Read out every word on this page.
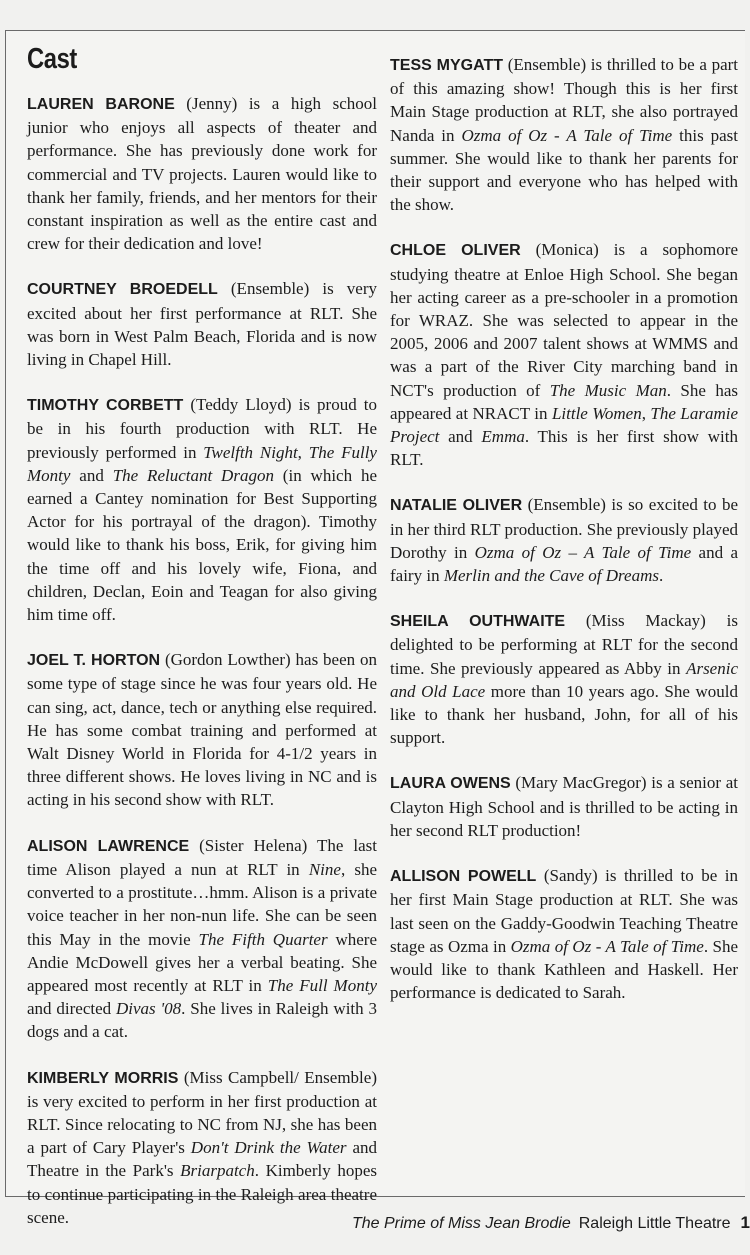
Cast

LAUREN BARONE (Jenny) is a high school junior who enjoys all aspects of theater and performance. She has previously done work for commercial and TV projects. Lauren would like to thank her family, friends, and her mentors for their constant inspiration as well as the entire cast and crew for their dedication and love!

COURTNEY BROEDELL (Ensemble) is very excited about her first performance at RLT. She was born in West Palm Beach, Florida and is now living in Chapel Hill.

TIMOTHY CORBETT (Teddy Lloyd) is proud to be in his fourth production with RLT. He previously performed in Twelfth Night, The Fully Monty and The Reluctant Dragon (in which he earned a Cantey nomination for Best Supporting Actor for his portrayal of the dragon). Timothy would like to thank his boss, Erik, for giving him the time off and his lovely wife, Fiona, and children, Declan, Eoin and Teagan for also giving him time off.

JOEL T. HORTON (Gordon Lowther) has been on some type of stage since he was four years old. He can sing, act, dance, tech or anything else required. He has some combat training and performed at Walt Disney World in Florida for 4-1/2 years in three different shows. He loves living in NC and is acting in his second show with RLT.

ALISON LAWRENCE (Sister Helena) The last time Alison played a nun at RLT in Nine, she converted to a prostitute…hmm. Alison is a private voice teacher in her non-nun life. She can be seen this May in the movie The Fifth Quarter where Andie McDowell gives her a verbal beating. She appeared most recently at RLT in The Full Monty and directed Divas '08. She lives in Raleigh with 3 dogs and a cat.

KIMBERLY MORRIS (Miss Campbell/ Ensemble) is very excited to perform in her first production at RLT. Since relocating to NC from NJ, she has been a part of Cary Player's Don't Drink the Water and Theatre in the Park's Briarpatch. Kimberly hopes to continue participating in the Raleigh area theatre scene.

TESS MYGATT (Ensemble) is thrilled to be a part of this amazing show! Though this is her first Main Stage production at RLT, she also portrayed Nanda in Ozma of Oz - A Tale of Time this past summer. She would like to thank her parents for their support and everyone who has helped with the show.

CHLOE OLIVER (Monica) is a sophomore studying theatre at Enloe High School. She began her acting career as a pre-schooler in a promotion for WRAZ. She was selected to appear in the 2005, 2006 and 2007 talent shows at WMMS and was a part of the River City marching band in NCT's production of The Music Man. She has appeared at NRACT in Little Women, The Laramie Project and Emma. This is her first show with RLT.

NATALIE OLIVER (Ensemble) is so excited to be in her third RLT production. She previously played Dorothy in Ozma of Oz – A Tale of Time and a fairy in Merlin and the Cave of Dreams.

SHEILA OUTHWAITE (Miss Mackay) is delighted to be performing at RLT for the second time. She previously appeared as Abby in Arsenic and Old Lace more than 10 years ago. She would like to thank her husband, John, for all of his support.

LAURA OWENS (Mary MacGregor) is a senior at Clayton High School and is thrilled to be acting in her second RLT production!

ALLISON POWELL (Sandy) is thrilled to be in her first Main Stage production at RLT. She was last seen on the Gaddy-Goodwin Teaching Theatre stage as Ozma in Ozma of Oz - A Tale of Time. She would like to thank Kathleen and Haskell. Her performance is dedicated to Sarah.

The Prime of Miss Jean Brodie Raleigh Little Theatre 1
